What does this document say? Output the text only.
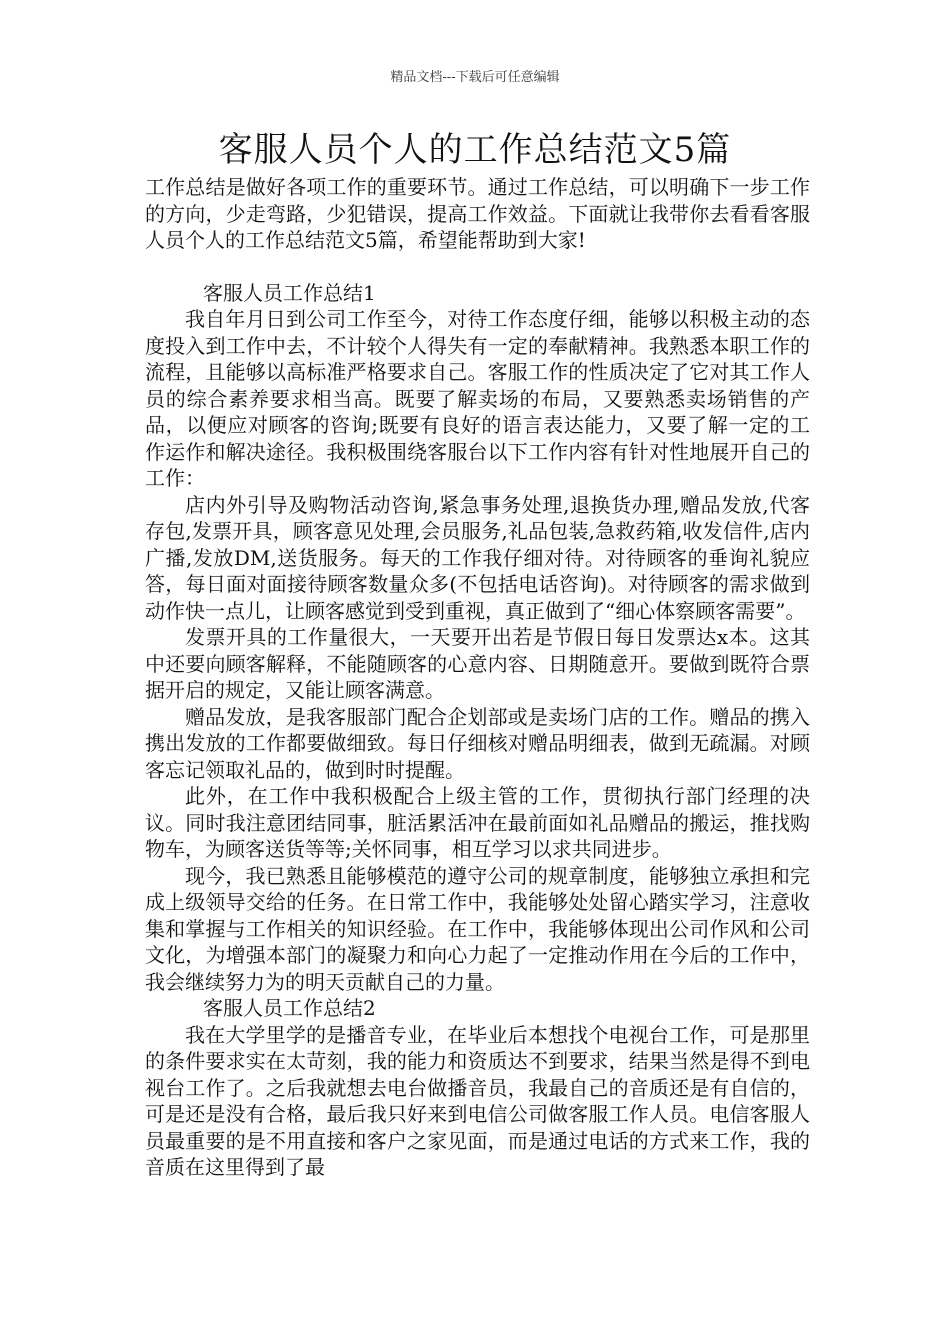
精品文档---下载后可任意编辑
客服人员个人的工作总结范文5篇

工作总结是做好各项工作的重要环节。通过工作总结，可以明确下一步工作的方向，少走弯路，少犯错误，提高工作效益。下面就让我带你去看看客服人员个人的工作总结范文5篇，希望能帮助到大家!

客服人员工作总结1

我自年月日到公司工作至今，对待工作态度仔细，能够以积极主动的态度投入到工作中去，不计较个人得失有一定的奉献精神。我熟悉本职工作的流程，且能够以高标准严格要求自己。客服工作的性质决定了它对其工作人员的综合素养要求相当高。既要了解卖场的布局，又要熟悉卖场销售的产品，以便应对顾客的咨询;既要有良好的语言表达能力，又要了解一定的工作运作和解决途径。我积极围绕客服台以下工作内容有针对性地展开自己的工作：

店内外引导及购物活动咨询,紧急事务处理,退换货办理,赠品发放,代客存包,发票开具，顾客意见处理,会员服务,礼品包装,急救药箱,收发信件,店内广播,发放DM,送货服务。每天的工作我仔细对待。对待顾客的垂询礼貌应答，每日面对面接待顾客数量众多(不包括电话咨询)。对待顾客的需求做到动作快一点儿，让顾客感觉到受到重视，真正做到了“细心体察顾客需要”。

发票开具的工作量很大，一天要开出若是节假日每日发票达x本。这其中还要向顾客解释，不能随顾客的心意内容、日期随意开。要做到既符合票据开启的规定，又能让顾客满意。

赠品发放，是我客服部门配合企划部或是卖场门店的工作。赠品的携入携出发放的工作都要做细致。每日仔细核对赠品明细表，做到无疏漏。对顾客忘记领取礼品的，做到时时提醒。

此外，在工作中我积极配合上级主管的工作，贯彻执行部门经理的决议。同时我注意团结同事，脏活累活冲在最前面如礼品赠品的搬运，推找购物车，为顾客送货等等;关怀同事，相互学习以求共同进步。

现今，我已熟悉且能够模范的遵守公司的规章制度，能够独立承担和完成上级领导交给的任务。在日常工作中，我能够处处留心踏实学习，注意收集和掌握与工作相关的知识经验。在工作中，我能够体现出公司作风和公司文化，为增强本部门的凝聚力和向心力起了一定推动作用在今后的工作中，我会继续努力为的明天贡献自己的力量。

客服人员工作总结2

我在大学里学的是播音专业，在毕业后本想找个电视台工作，可是那里的条件要求实在太苛刻，我的能力和资质达不到要求，结果当然是得不到电视台工作了。之后我就想去电台做播音员，我最自己的音质还是有自信的，可是还是没有合格，最后我只好来到电信公司做客服工作人员。电信客服人员最重要的是不用直接和客户之家见面，而是通过电话的方式来工作，我的音质在这里得到了最
